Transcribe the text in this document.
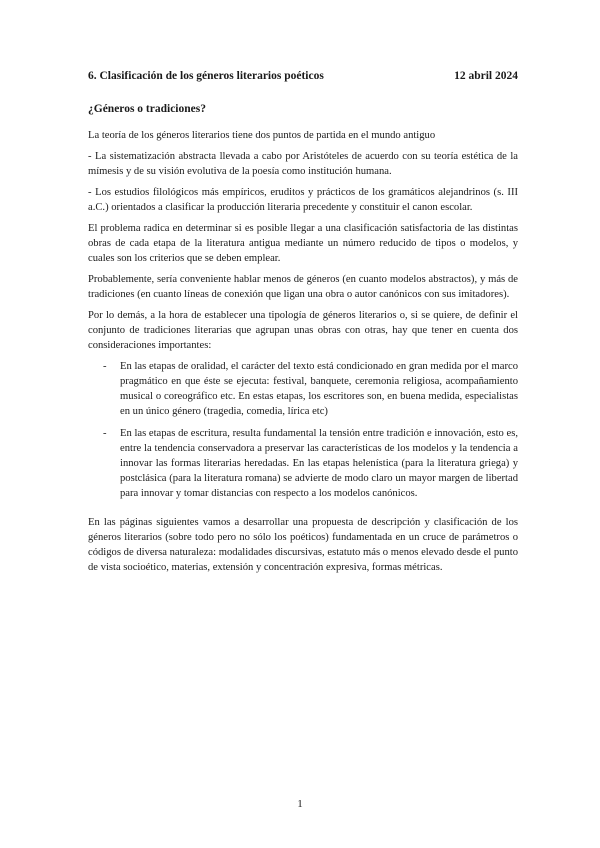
6. Clasificación de los géneros literarios poéticos	12 abril 2024
¿Géneros o tradiciones?

La teoría de los géneros literarios tiene dos puntos de partida en el mundo antiguo

- La sistematización abstracta llevada a cabo por Aristóteles de acuerdo con su teoría estética de la mímesis y de su visión evolutiva de la poesía como institución humana.

- Los estudios filológicos más empíricos, eruditos y prácticos de los gramáticos alejandrinos (s. III a.C.) orientados a clasificar la producción literaria precedente y constituir el canon escolar.

El problema radica en determinar si es posible llegar a una clasificación satisfactoria de las distintas obras de cada etapa de la literatura antigua mediante un número reducido de tipos o modelos, y cuales son los criterios que se deben emplear.

Probablemente, sería conveniente hablar menos de géneros (en cuanto modelos abstractos), y más de tradiciones (en cuanto líneas de conexión que ligan una obra o autor canónicos con sus imitadores).

Por lo demás, a la hora de establecer una tipología de géneros literarios o, si se quiere, de definir el conjunto de tradiciones literarias que agrupan unas obras con otras, hay que tener en cuenta dos consideraciones importantes:

- En las etapas de oralidad, el carácter del texto está condicionado en gran medida por el marco pragmático en que éste se ejecuta: festival, banquete, ceremonia religiosa, acompañamiento musical o coreográfico etc. En estas etapas, los escritores son, en buena medida, especialistas en un único género (tragedia, comedia, lírica etc)
- En las etapas de escritura, resulta fundamental la tensión entre tradición e innovación, esto es, entre la tendencia conservadora a preservar las características de los modelos y la tendencia a innovar las formas literarias heredadas. En las etapas helenística (para la literatura griega) y postclásica (para la literatura romana) se advierte de modo claro un mayor margen de libertad para innovar y tomar distancias con respecto a los modelos canónicos.

En las páginas siguientes vamos a desarrollar una propuesta de descripción y clasificación de los géneros literarios (sobre todo pero no sólo los poéticos) fundamentada en un cruce de parámetros o códigos de diversa naturaleza: modalidades discursivas, estatuto más o menos elevado desde el punto de vista socioético, materias, extensión y concentración expresiva, formas métricas.

1
